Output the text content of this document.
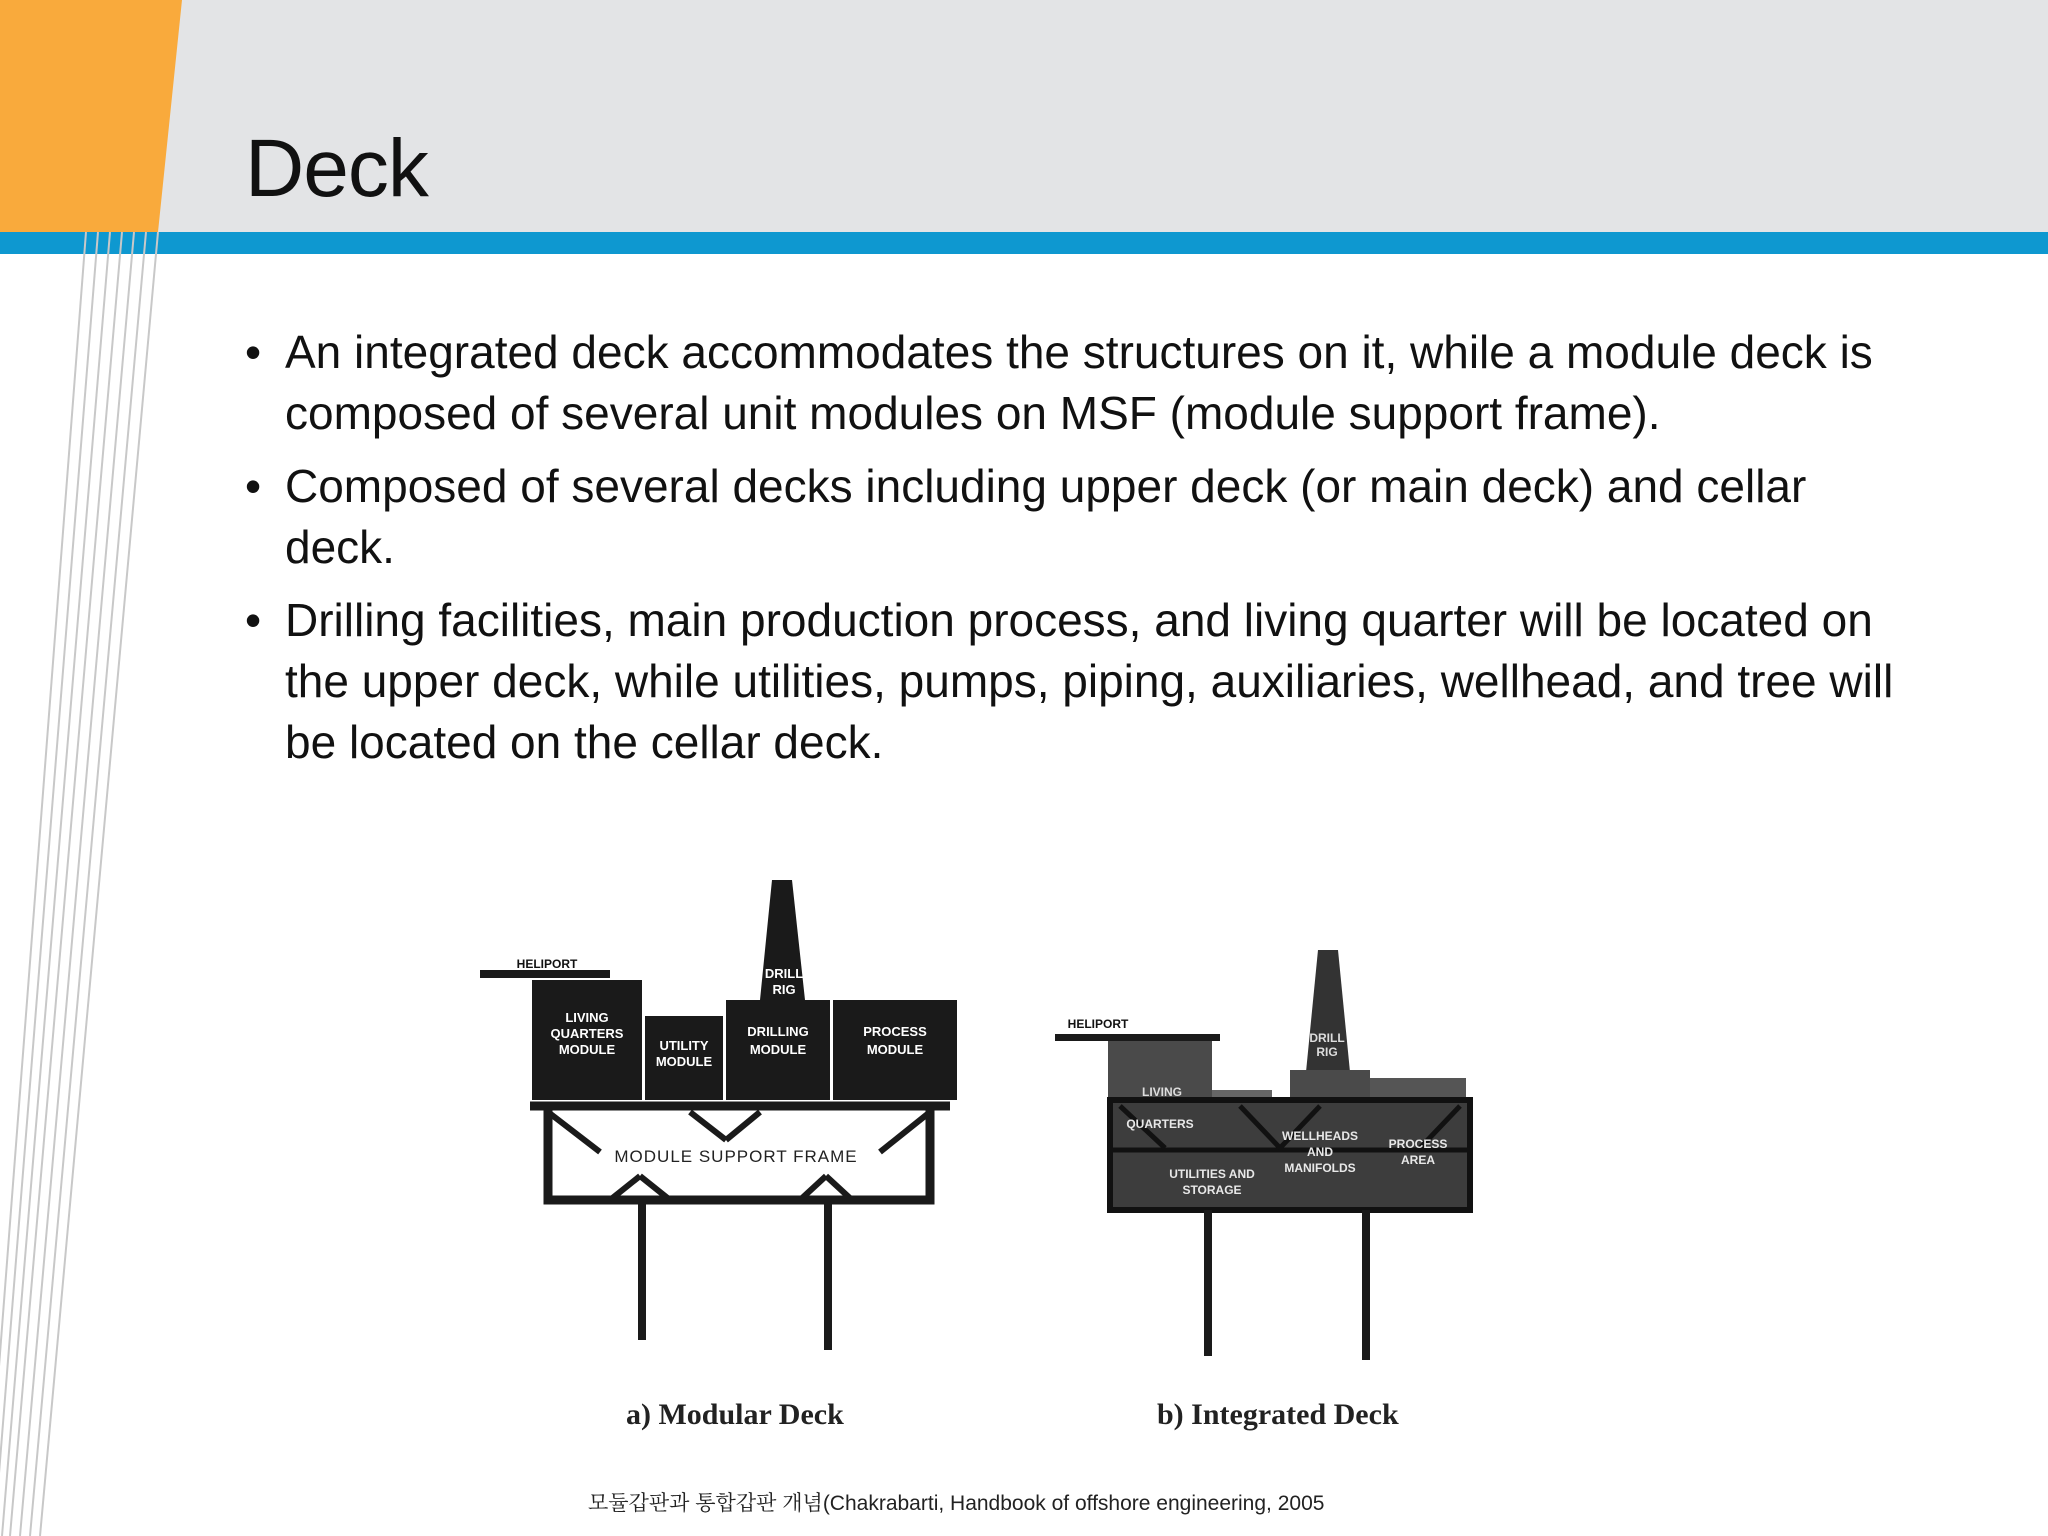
Deck
• An integrated deck accommodates the structures on it, while a module deck is composed of several unit modules on MSF (module support frame).
• Composed of several decks including upper deck (or main deck) and cellar deck.
• Drilling facilities, main production process, and living quarter will be located on the upper deck, while utilities, pumps, piping, auxiliaries, wellhead, and tree will be located on the cellar deck.
HELIPORT
DRILL
RIG
LIVING
QUARTERS
MODULE	UTILITY
MODULE
DRILLING
MODULE
PROCESS
MODULE
MODULE SUPPORT FRAME
HELIPORT
DRILL
RIG
LIVING
QUARTERS
WELLHEADS
AND
MANIFOLDS
PROCESS
AREA
UTILITIES AND
STORAGE
a) Modular Deck	b) Integrated Deck
모듈갑판과 통합갑판 개념(Chakrabarti, Handbook of offshore engineering, 2005
